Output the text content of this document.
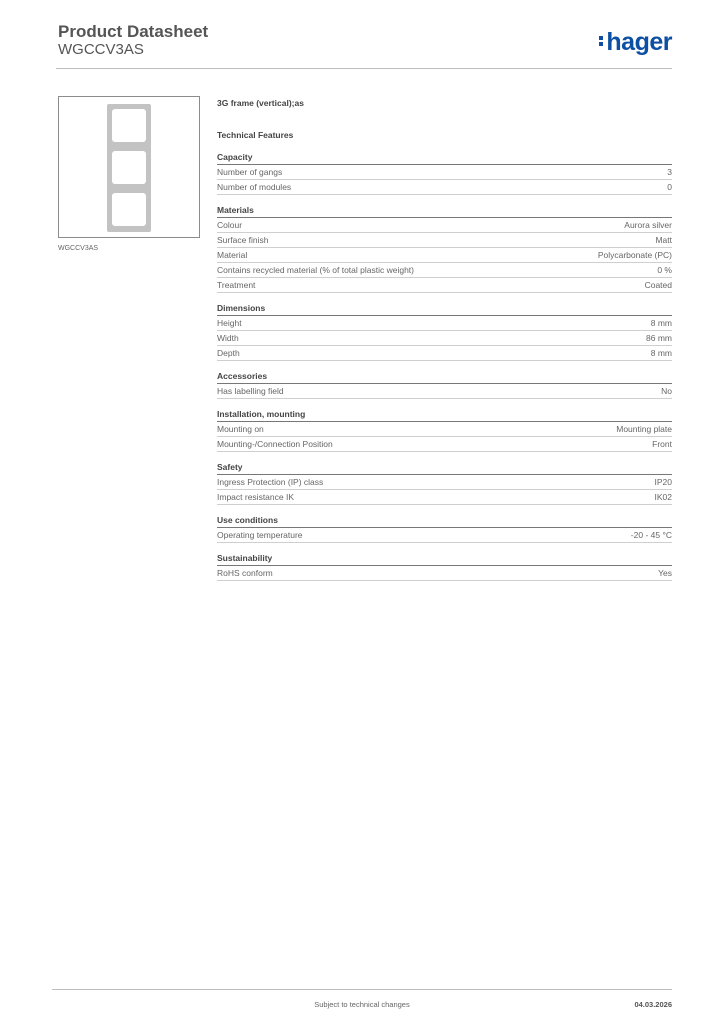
Product Datasheet
WGCCV3AS	hager
WGCCV3AS
3G frame (vertical);as
Technical Features
Capacity
Number of gangs	3
Number of modules	0
Materials
Colour	Aurora silver
Surface finish	Matt
Material	Polycarbonate (PC)
Contains recycled material (% of total plastic weight)	0 %
Treatment	Coated
Dimensions
Height	8 mm
Width	86 mm
Depth	8 mm
Accessories
Has labelling field	No
Installation, mounting
Mounting on	Mounting plate
Mounting-/Connection Position	Front
Safety
Ingress Protection (IP) class	IP20
Impact resistance IK	IK02
Use conditions
Operating temperature	-20 - 45 °C
Sustainability
RoHS conform	Yes
Subject to technical changes	04.03.2026
